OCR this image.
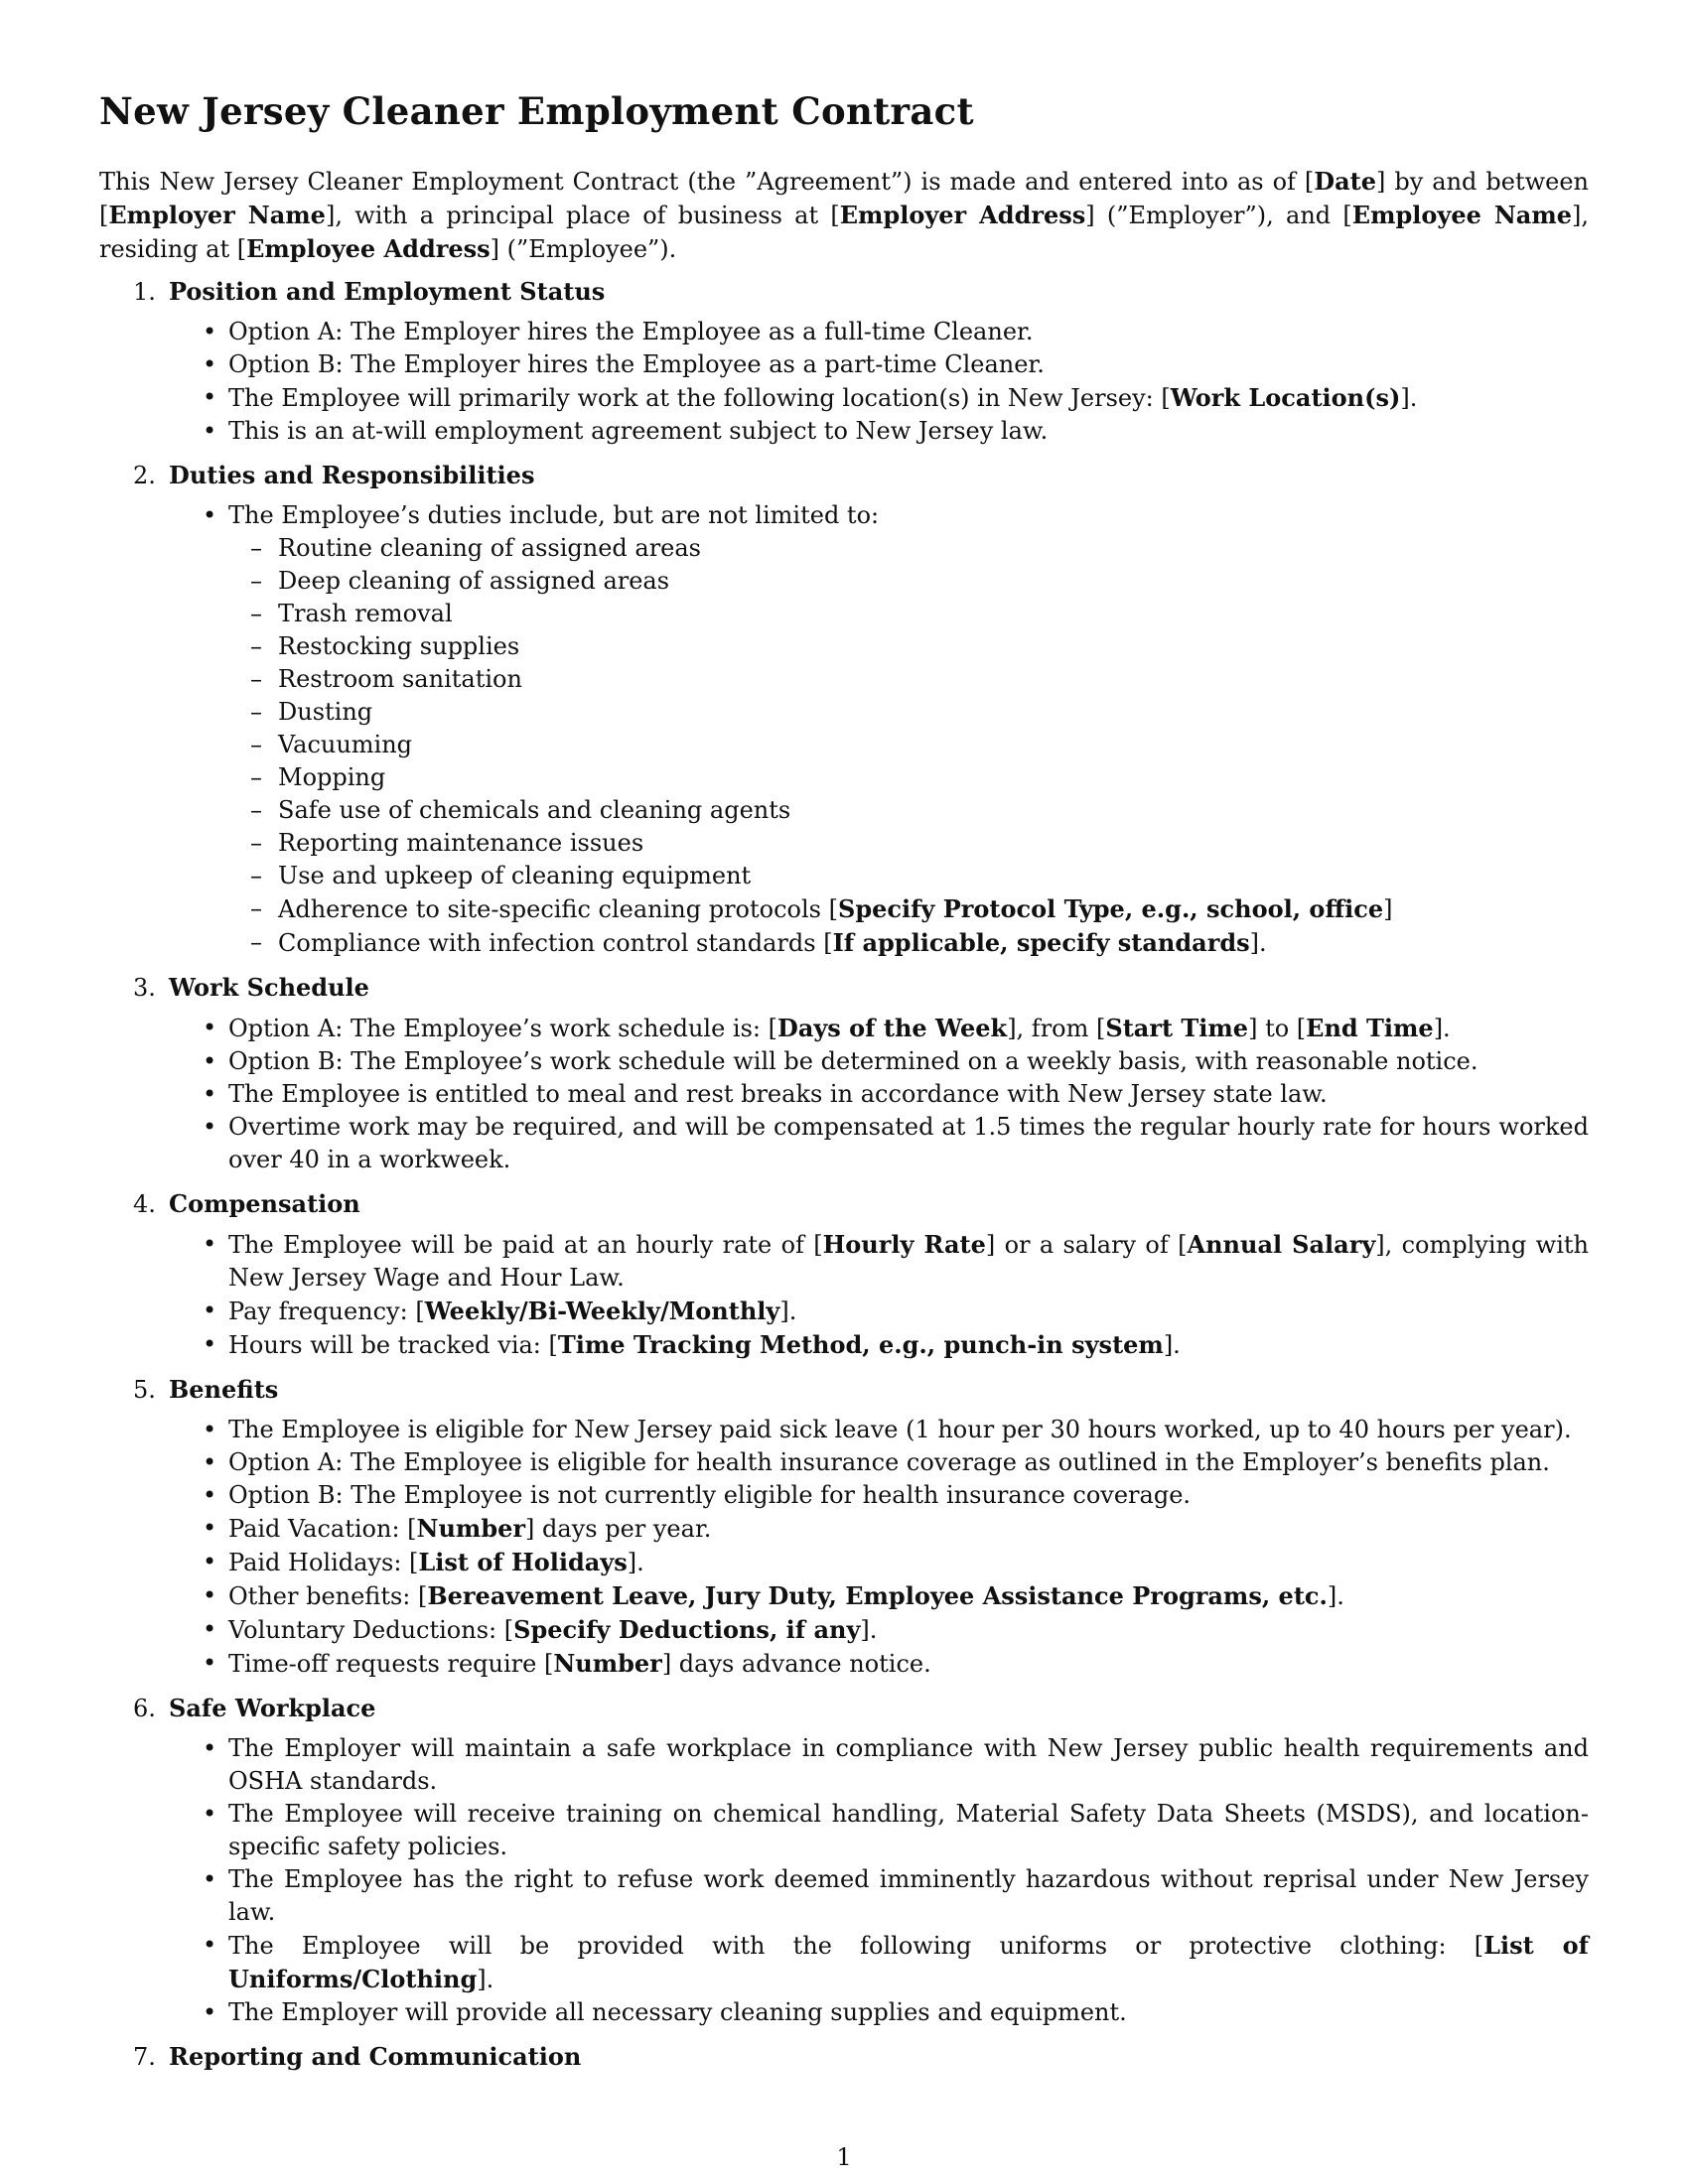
New Jersey Cleaner Employment Contract

This New Jersey Cleaner Employment Contract (the ”Agreement”) is made and entered into as of [Date] by and between [Employer Name], with a principal place of business at [Employer Address] (”Employer”), and [Employee Name], residing at [Employee Address] (”Employee”).

1. Position and Employment Status
• Option A: The Employer hires the Employee as a full-time Cleaner.
• Option B: The Employer hires the Employee as a part-time Cleaner.
• The Employee will primarily work at the following location(s) in New Jersey: [Work Location(s)].
• This is an at-will employment agreement subject to New Jersey law.
2. Duties and Responsibilities
• The Employee’s duties include, but are not limited to:
– Routine cleaning of assigned areas
– Deep cleaning of assigned areas
– Trash removal
– Restocking supplies
– Restroom sanitation
– Dusting
– Vacuuming
– Mopping
– Safe use of chemicals and cleaning agents
– Reporting maintenance issues
– Use and upkeep of cleaning equipment
– Adherence to site-specific cleaning protocols [Specify Protocol Type, e.g., school, office]
– Compliance with infection control standards [If applicable, specify standards].
3. Work Schedule
• Option A: The Employee’s work schedule is: [Days of the Week], from [Start Time] to [End Time].
• Option B: The Employee’s work schedule will be determined on a weekly basis, with reasonable notice.
• The Employee is entitled to meal and rest breaks in accordance with New Jersey state law.
• Overtime work may be required, and will be compensated at 1.5 times the regular hourly rate for hours worked over 40 in a workweek.
4. Compensation
• The Employee will be paid at an hourly rate of [Hourly Rate] or a salary of [Annual Salary], complying with New Jersey Wage and Hour Law.
• Pay frequency: [Weekly/Bi-Weekly/Monthly].
• Hours will be tracked via: [Time Tracking Method, e.g., punch-in system].
5. Benefits
• The Employee is eligible for New Jersey paid sick leave (1 hour per 30 hours worked, up to 40 hours per year).
• Option A: The Employee is eligible for health insurance coverage as outlined in the Employer’s benefits plan.
• Option B: The Employee is not currently eligible for health insurance coverage.
• Paid Vacation: [Number] days per year.
• Paid Holidays: [List of Holidays].
• Other benefits: [Bereavement Leave, Jury Duty, Employee Assistance Programs, etc.].
• Voluntary Deductions: [Specify Deductions, if any].
• Time-off requests require [Number] days advance notice.
6. Safe Workplace
• The Employer will maintain a safe workplace in compliance with New Jersey public health requirements and OSHA standards.
• The Employee will receive training on chemical handling, Material Safety Data Sheets (MSDS), and location-specific safety policies.
• The Employee has the right to refuse work deemed imminently hazardous without reprisal under New Jersey law.
• The Employee will be provided with the following uniforms or protective clothing: [List of Uniforms/Clothing].
• The Employer will provide all necessary cleaning supplies and equipment.
7. Reporting and Communication
1
